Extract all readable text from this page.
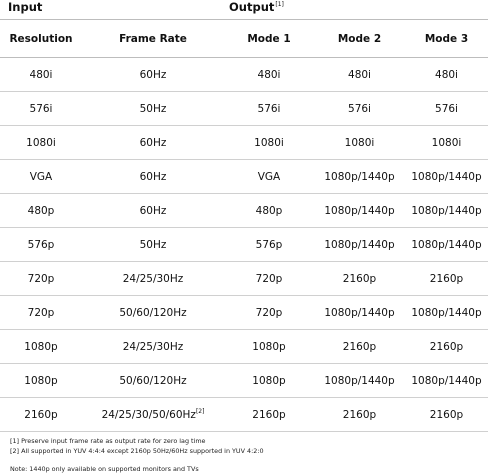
Input	Output[1]
Resolution	Frame Rate	Mode 1	Mode 2	Mode 3
480i	60Hz	480i	480i	480i
576i	50Hz	576i	576i	576i
1080i	60Hz	1080i	1080i	1080i
VGA	60Hz	VGA	1080p/1440p	1080p/1440p
480p	60Hz	480p	1080p/1440p	1080p/1440p
576p	50Hz	576p	1080p/1440p	1080p/1440p
720p	24/25/30Hz	720p	2160p	2160p
720p	50/60/120Hz	720p	1080p/1440p	1080p/1440p
1080p	24/25/30Hz	1080p	2160p	2160p
1080p	50/60/120Hz	1080p	1080p/1440p	1080p/1440p
2160p	24/25/30/50/60Hz[2]	2160p	2160p	2160p
[1] Preserve input frame rate as output rate for zero lag time
[2] All supported in YUV 4:4:4 except 2160p 50Hz/60Hz supported in YUV 4:2:0
Note: 1440p only available on supported monitors and TVs
